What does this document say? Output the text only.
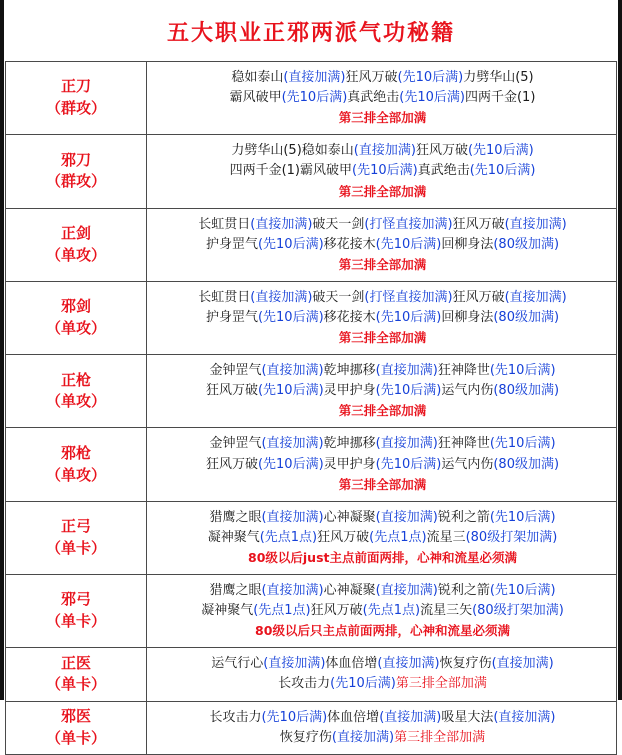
五大职业正邪两派气功秘籍
正刀
（群攻）

稳如泰山(直接加满)狂风万破(先10后满)力劈华山(5)
霸风破甲(先10后满)真武绝击(先10后满)四两千金(1)
第三排全部加满

邪刀
（群攻）

力劈华山(5)稳如泰山(直接加满)狂风万破(先10后满)
四两千金(1)霸风破甲(先10后满)真武绝击(先10后满)
第三排全部加满

正剑
（单攻）

长虹贯日(直接加满)破天一剑(打怪直接加满)狂风万破(直接加满)
护身罡气(先10后满)移花接木(先10后满)回柳身法(80级加满)
第三排全部加满

邪剑
（单攻）

长虹贯日(直接加满)破天一剑(打怪直接加满)狂风万破(直接加满)
护身罡气(先10后满)移花接木(先10后满)回柳身法(80级加满)
第三排全部加满

正枪
（单攻）

金钟罡气(直接加满)乾坤挪移(直接加满)狂神降世(先10后满)
狂风万破(先10后满)灵甲护身(先10后满)运气内伤(80级加满)
第三排全部加满

邪枪
（单攻）

金钟罡气(直接加满)乾坤挪移(直接加满)狂神降世(先10后满)
狂风万破(先10后满)灵甲护身(先10后满)运气内伤(80级加满)
第三排全部加满

正弓
（单卡）

猎鹰之眼(直接加满)心神凝聚(直接加满)锐利之箭(先10后满)
凝神聚气(先点1点)狂风万破(先点1点)流星三(80级打架加满)
80级以后just主点前面两排，心神和流星必须满

邪弓
（单卡）

猎鹰之眼(直接加满)心神凝聚(直接加满)锐利之箭(先10后满)
凝神聚气(先点1点)狂风万破(先点1点)流星三矢(80级打架加满)
80级以后只主点前面两排，心神和流星必须满

正医
（单卡）

运气行心(直接加满)体血倍增(直接加满)恢复疗伤(直接加满)
长攻击力(先10后满)第三排全部加满

邪医
（单卡）

长攻击力(先10后满)体血倍增(直接加满)吸星大法(直接加满)
恢复疗伤(直接加满)第三排全部加满
